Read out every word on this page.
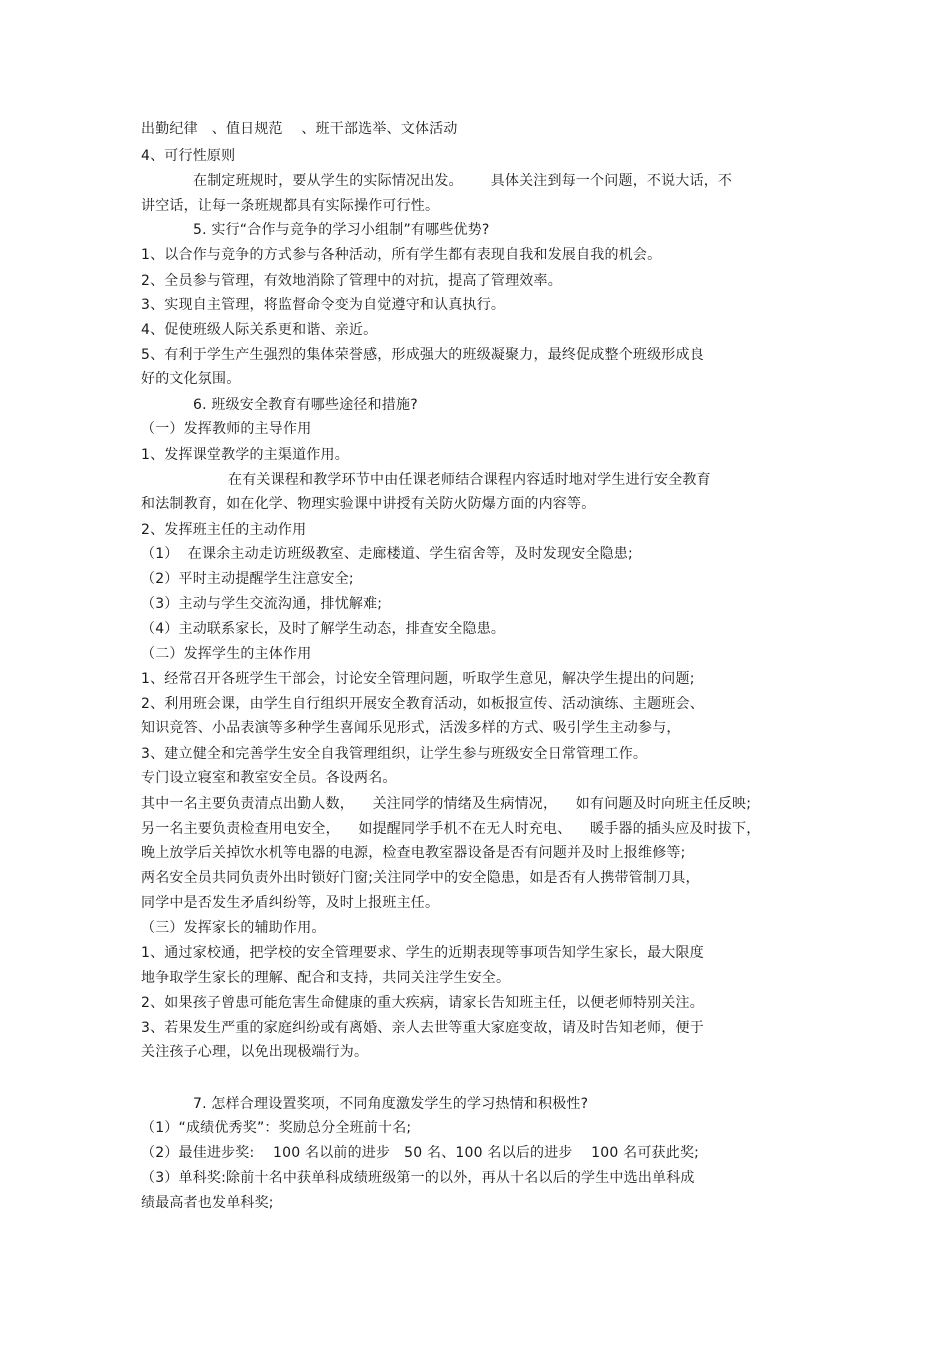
出勤纪律   、值日规范    、班干部选举、文体活动
4、可行性原则
在制定班规时，要从学生的实际情况出发。      具体关注到每一个问题，不说大话，不
讲空话，让每一条班规都具有实际操作可行性。
5. 实行“合作与竞争的学习小组制”有哪些优势?
1、以合作与竞争的方式参与各种活动，所有学生都有表现自我和发展自我的机会。
2、全员参与管理，有效地消除了管理中的对抗，提高了管理效率。
3、实现自主管理，将监督命令变为自觉遵守和认真执行。
4、促使班级人际关系更和谐、亲近。
5、有利于学生产生强烈的集体荣誉感，形成强大的班级凝聚力，最终促成整个班级形成良
好的文化氛围。
6. 班级安全教育有哪些途径和措施?
（一）发挥教师的主导作用
1、发挥课堂教学的主渠道作用。
在有关课程和教学环节中由任课老师结合课程内容适时地对学生进行安全教育
和法制教育，如在化学、物理实验课中讲授有关防火防爆方面的内容等。
2、发挥班主任的主动作用
（1）  在课余主动走访班级教室、走廊楼道、学生宿舍等，及时发现安全隐患;
（2）平时主动提醒学生注意安全;
（3）主动与学生交流沟通，排忧解难;
（4）主动联系家长，及时了解学生动态，排查安全隐患。
（二）发挥学生的主体作用
1、经常召开各班学生干部会，讨论安全管理问题，听取学生意见，解决学生提出的问题;
2、利用班会课，由学生自行组织开展安全教育活动，如板报宣传、活动演练、主题班会、
知识竞答、小品表演等多种学生喜闻乐见形式，活泼多样的方式、吸引学生主动参与，
3、建立健全和完善学生安全自我管理组织，让学生参与班级安全日常管理工作。
专门设立寝室和教室安全员。各设两名。
其中一名主要负责清点出勤人数，    关注同学的情绪及生病情况，    如有问题及时向班主任反映;
另一名主要负责检查用电安全，    如提醒同学手机不在无人时充电、    暖手器的插头应及时拔下，
晚上放学后关掉饮水机等电器的电源，检查电教室器设备是否有问题并及时上报维修等;
两名安全员共同负责外出时锁好门窗;关注同学中的安全隐患，如是否有人携带管制刀具，
同学中是否发生矛盾纠纷等，及时上报班主任。
（三）发挥家长的辅助作用。
1、通过家校通，把学校的安全管理要求、学生的近期表现等事项告知学生家长，最大限度
地争取学生家长的理解、配合和支持，共同关注学生安全。
2、如果孩子曾患可能危害生命健康的重大疾病，请家长告知班主任，以便老师特别关注。
3、若果发生严重的家庭纠纷或有离婚、亲人去世等重大家庭变故，请及时告知老师，便于
关注孩子心理，以免出现极端行为。
7. 怎样合理设置奖项，不同角度激发学生的学习热情和积极性?
（1）“成绩优秀奖”：奖励总分全班前十名;
（2）最佳进步奖:    100 名以前的进步   50 名、100 名以后的进步    100 名可获此奖;
（3）单科奖:除前十名中获单科成绩班级第一的以外，再从十名以后的学生中选出单科成
绩最高者也发单科奖;
